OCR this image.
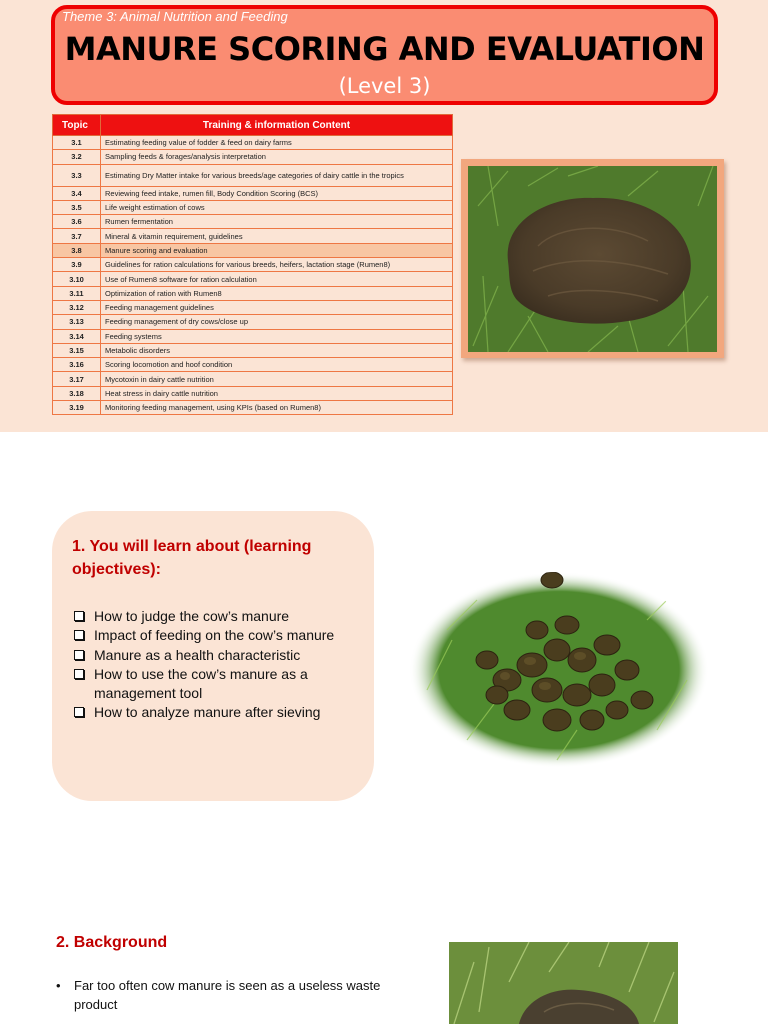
Theme 3: Animal Nutrition and Feeding
MANURE SCORING AND EVALUATION
(Level 3)
Topic	Training & information Content
3.1	Estimating feeding value of fodder & feed on dairy farms
3.2	Sampling feeds & forages/analysis interpretation
3.3	Estimating Dry Matter intake for various breeds/age categories of dairy cattle in the tropics
3.4	Reviewing feed intake, rumen fill, Body Condition Scoring (BCS)
3.5	Life weight estimation of cows
3.6	Rumen fermentation
3.7	Mineral & vitamin requirement, guidelines
3.8	Manure scoring and evaluation
3.9	Guidelines for ration calculations for various breeds, heifers, lactation stage (Rumen8)
3.10	Use of Rumen8 software for ration calculation
3.11	Optimization of ration with Rumen8
3.12	Feeding management guidelines
3.13	Feeding management of dry cows/close up
3.14	Feeding systems
3.15	Metabolic disorders
3.16	Scoring locomotion and hoof condition
3.17	Mycotoxin in dairy cattle nutrition
3.18	Heat stress in dairy cattle nutrition
3.19	Monitoring feeding management, using KPIs (based on Rumen8)
1. You will learn about (learning objectives):
How to judge the cow’s manure
Impact of feeding on the cow’s manure
Manure as a health characteristic
How to use the cow’s manure as a management tool
How to analyze manure after sieving
2. Background
• Far too often cow manure is seen as a useless waste product
